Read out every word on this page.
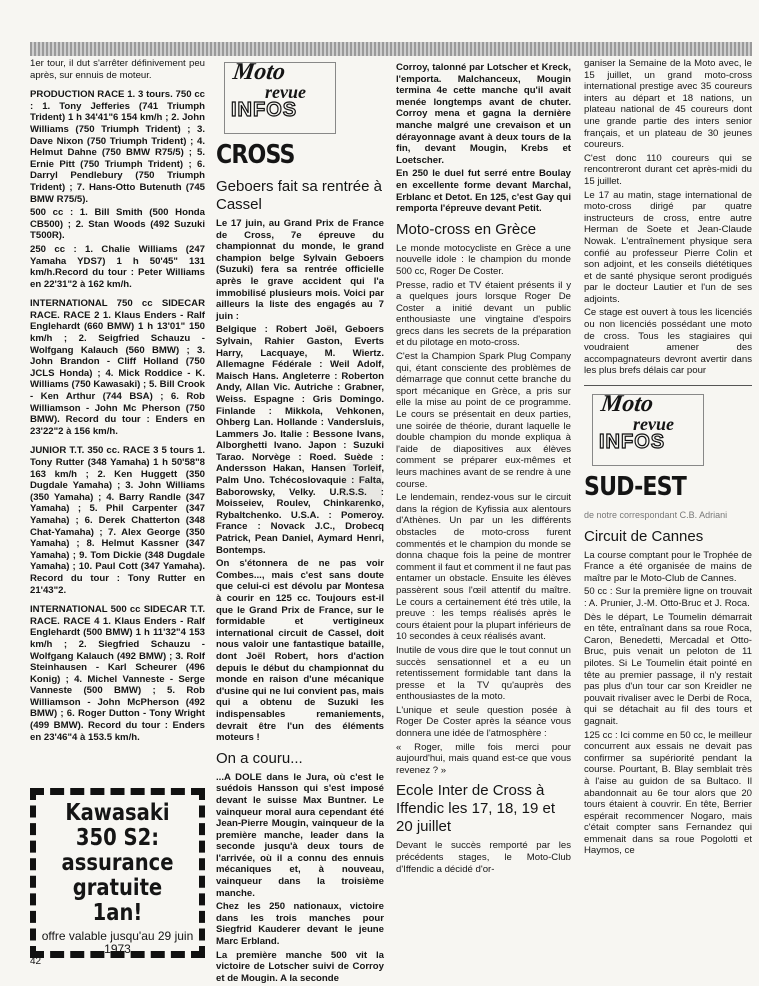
1er tour, il dut s'arrêter définivement peu après, sur ennuis de moteur.

PRODUCTION RACE 1. 3 tours. 750 cc : 1. Tony Jefferies (741 Triumph Trident) 1 h 34'41"6 154 km/h ; 2. John Williams (750 Triumph Trident) ; 3. Dave Nixon (750 Triumph Trident) ; 4. Helmut Dahne (750 BMW R75/5) ; 5. Ernie Pitt (750 Triumph Trident) ; 6. Darryl Pendlebury (750 Triumph Trident) ; 7. Hans-Otto Butenuth (745 BMW R75/5).

500 cc : 1. Bill Smith (500 Honda CB500) ; 2. Stan Woods (492 Suzuki T500R).

250 cc : 1. Chalie Williams (247 Yamaha YDS7) 1 h 50'45" 131 km/h.Record du tour : Peter Williams en 22'31"2 à 162 km/h.

INTERNATIONAL 750 cc SIDECAR RACE. RACE 2 1. Klaus Enders - Ralf Englehardt (660 BMW) 1 h 13'01" 150 km/h ; 2. Seigfried Schauzu - Wolfgang Kalauch (560 BMW) ; 3. John Brandon - Cliff Holland (750 JCLS Honda) ; 4. Mick Roddice - K. Williams (750 Kawasaki) ; 5. Bill Crook - Ken Arthur (744 BSA) ; 6. Rob Williamson - John Mc Pherson (750 BMW). Record du tour : Enders en 23'22"2 à 156 km/h.

JUNIOR T.T. 350 cc. RACE 3 5 tours 1. Tony Rutter (348 Yamaha) 1 h 50'58"8 163 km/h ; 2. Ken Huggett (350 Dugdale Yamaha) ; 3. John Williams (350 Yamaha) ; 4. Barry Randle (347 Yamaha) ; 5. Phil Carpenter (347 Yamaha) ; 6. Derek Chatterton (348 Chat-Yamaha) ; 7. Alex George (350 Yamaha) ; 8. Helmut Kassner (347 Yamaha) ; 9. Tom Dickie (348 Dugdale Yamaha) ; 10. Paul Cott (347 Yamaha). Record du tour : Tony Rutter en 21'43"2.

INTERNATIONAL 500 cc SIDECAR T.T. RACE. RACE 4 1. Klaus Enders - Ralf Englehardt (500 BMW) 1 h 11'32"4 153 km/h ; 2. Siegfried Schauzu - Wolfgang Kalauch (492 BMW) ; 3. Rolf Steinhausen - Karl Scheurer (496 Konig) ; 4. Michel Vanneste - Serge Vanneste (500 BMW) ; 5. Rob Williamson - John McPherson (492 BMW) ; 6. Roger Dutton - Tony Wright (499 BMW). Record du tour : Enders en 23'46"4 à 153.5 km/h.

Kawasaki 350 S2: assurance gratuite 1an!
offre valable jusqu'au 29 juin 1973
Moto
revue
INFOS
CROSS
Geboers fait sa rentrée à Cassel

Le 17 juin, au Grand Prix de France de Cross, 7e épreuve du championnat du monde, le grand champion belge Sylvain Geboers (Suzuki) fera sa rentrée officielle après le grave accident qui l'a immobilisé plusieurs mois. Voici par ailleurs la liste des engagés au 7 juin :

Belgique : Robert Joël, Geboers Sylvain, Rahier Gaston, Everts Harry, Lacquaye, M. Wiertz. Allemagne Fédérale : Weil Adolf, Maisch Hans. Angleterre : Roberton Andy, Allan Vic. Autriche : Grabner, Weiss. Espagne : Gris Domingo. Finlande : Mikkola, Vehkonen, Ohberg Lan. Hollande : Vandersluis, Lammers Jo. Italie : Bessone Ivans, Alborghetti Ivano. Japon : Suzuki Tarao. Norvège : Roed. Suède : Andersson Hakan, Hansen Torleif, Palm Uno. Tchécoslovaquie : Falta, Baborowsky, Velky. U.R.S.S. : Moisseiev, Roulev, Chinkarenko, Rybaltchenko. U.S.A. : Pomeroy. France : Novack J.C., Drobecq Patrick, Pean Daniel, Aymard Henri, Bontemps.

On s'étonnera de ne pas voir Combes..., mais c'est sans doute que celui-ci est dévolu par Montesa à courir en 125 cc. Toujours est-il que le Grand Prix de France, sur le formidable et vertigineux international circuit de Cassel, doit nous valoir une fantastique bataille, dont Joël Robert, hors d'action depuis le début du championnat du monde en raison d'une mécanique d'usine qui ne lui convient pas, mais qui a obtenu de Suzuki les indispensables remaniements, devrait être l'un des éléments moteurs !

On a couru...

...A DOLE dans le Jura, où c'est le suédois Hansson qui s'est imposé devant le suisse Max Buntner. Le vainqueur moral aura cependant été Jean-Pierre Mougin, vainqueur de la première manche, leader dans la seconde jusqu'à deux tours de l'arrivée, où il a connu des ennuis mécaniques et, à nouveau, vainqueur dans la troisième manche.

Chez les 250 nationaux, victoire dans les trois manches pour Siegfrid Kauderer devant le jeune Marc Erbland.

La première manche 500 vit la victoire de Lotscher suivi de Corroy et de Mougin. A la seconde

Corroy, talonné par Lotscher et Kreck, l'emporta. Malchanceux, Mougin termina 4e cette manche qu'il avait menée longtemps avant de chuter. Corroy mena et gagna la dernière manche malgré une crevaison et un dérayonnage avant à deux tours de la fin, devant Mougin, Krebs et Loetscher.

En 250 le duel fut serré entre Boulay en excellente forme devant Marchal, Erblanc et Detot. En 125, c'est Gay qui remporta l'épreuve devant Petit.

Moto-cross en Grèce

Le monde motocycliste en Grèce a une nouvelle idole : le champion du monde 500 cc, Roger De Coster.

Presse, radio et TV étaient présents il y a quelques jours lorsque Roger De Coster a initié devant un public enthousiaste une vingtaine d'espoirs grecs dans les secrets de la préparation et du pilotage en moto-cross.

C'est la Champion Spark Plug Company qui, étant consciente des problèmes de démarrage que connut cette branche du sport mécanique en Grèce, a pris sur elle la mise au point de ce programme. Le cours se présentait en deux parties, une soirée de théorie, durant laquelle le double champion du monde expliqua à l'aide de diapositives aux élèves comment se préparer eux-mêmes et leurs machines avant de se rendre à une course.

Le lendemain, rendez-vous sur le circuit dans la région de Kyfissia aux alentours d'Athènes. Un par un les différents obstacles de moto-cross furent commentés et le champion du monde se donna chaque fois la peine de montrer comment il faut et comment il ne faut pas entamer un obstacle. Ensuite les élèves passèrent sous l'œil attentif du maître. Le cours a certainement été très utile, la preuve : les temps réalisés après le cours étaient pour la plupart inférieurs de 10 secondes à ceux réalisés avant.

Inutile de vous dire que le tout connut un succès sensationnel et a eu un retentissement formidable tant dans la presse et la TV qu'auprès des enthousiastes de la moto.

L'unique et seule question posée à Roger De Coster après la séance vous donnera une idée de l'atmosphère :

« Roger, mille fois merci pour aujourd'hui, mais quand est-ce que vous revenez ? »

Ecole Inter de Cross à Iffendic les 17, 18, 19 et 20 juillet

Devant le succès remporté par les précédents stages, le Moto-Club d'Iffendic a décidé d'or-

ganiser la Semaine de la Moto avec, le 15 juillet, un grand moto-cross international prestige avec 35 coureurs inters au départ et 18 nations, un plateau national de 45 coureurs dont une grande partie des inters senior français, et un plateau de 30 jeunes coureurs.

C'est donc 110 coureurs qui se rencontreront durant cet après-midi du 15 juillet.

Le 17 au matin, stage international de moto-cross dirigé par quatre instructeurs de cross, entre autre Herman de Soete et Jean-Claude Nowak. L'entraînement physique sera confié au professeur Pierre Colin et son adjoint, et les conseils diététiques et de santé physique seront prodigués par le docteur Lautier et l'un de ses adjoints.

Ce stage est ouvert à tous les licenciés ou non licenciés possédant une moto de cross. Tous les stagiaires qui voudraient amener des accompagnateurs devront avertir dans les plus brefs délais car pour

Moto
revue
INFOS
SUD-EST

de notre correspondant C.B. Adriani

Circuit de Cannes

La course comptant pour le Trophée de France a été organisée de mains de maître par le Moto-Club de Cannes.

50 cc : Sur la première ligne on trouvait : A. Prunier, J.-M. Otto-Bruc et J. Roca.

Dès le départ, Le Toumelin démarrait en tête, entraînant dans sa roue Roca, Caron, Benedetti, Mercadal et Otto-Bruc, puis venait un peloton de 11 pilotes. Si Le Toumelin était pointé en tête au premier passage, il n'y restait pas plus d'un tour car son Kreidler ne pouvait rivaliser avec le Derbi de Roca, qui se détachait au fil des tours et gagnait.

125 cc : Ici comme en 50 cc, le meilleur concurrent aux essais ne devait pas confirmer sa supériorité pendant la course. Pourtant, B. Blay semblait très à l'aise au guidon de sa Bultaco. Il abandonnait au 6e tour alors que 20 tours étaient à couvrir. En tête, Berrier espérait recommencer Nogaro, mais c'était compter sans Fernandez qui emmenait dans sa roue Pogolotti et Haymos, ce

42
